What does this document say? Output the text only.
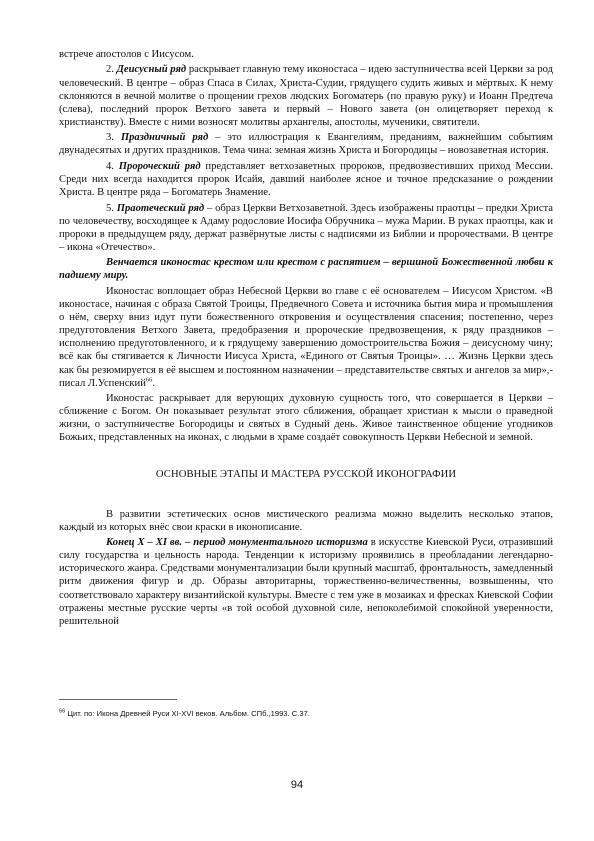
встрече апостолов с Иисусом.

2. Деисусный ряд раскрывает главную тему иконостаса – идею заступничества всей Церкви за род человеческий. В центре – образ Спаса в Силах, Христа-Судии, грядущего судить живых и мёртвых. К нему склоняются в вечной молитве о прощении грехов людских Богоматерь (по правую руку) и Иоанн Предтеча (слева), последний пророк Ветхого завета и первый – Нового завета (он олицетворяет переход к христианству). Вместе с ними возносят молитвы архангелы, апостолы, мученики, святители.

3. Праздничный ряд – это иллюстрация к Евангелиям, преданиям, важнейшим событиям двунадесятых и других праздников. Тема чина: земная жизнь Христа и Богородицы – новозаветная история.

4. Пророческий ряд представляет ветхозаветных пророков, предвозвестивших приход Мессии. Среди них всегда находится пророк Исайя, давший наиболее ясное и точное предсказание о рождении Христа. В центре ряда – Богоматерь Знамение.

5. Праотеческий ряд – образ Церкви Ветхозаветной. Здесь изображены праотцы – предки Христа по человечеству, восходящее к Адаму родословие Иосифа Обручника – мужа Марии. В руках праотцы, как и пророки в предыдущем ряду, держат развёрнутые листы с надписями из Библии и пророчествами. В центре – икона «Отечество».

Венчается иконостас крестом или крестом с распятием – вершиной Божественной любви к падшему миру.

Иконостас воплощает образ Небесной Церкви во главе с её основателем – Иисусом Христом. «В иконостасе, начиная с образа Святой Троицы, Предвечного Совета и источника бытия мира и промышления о нём, сверху вниз идут пути божественного откровения и осуществления спасения; постепенно, через предуготовления Ветхого Завета, предобразения и пророческие предвозвещения, к ряду праздников – исполнению предуготовленного, и к грядущему завершению домостроительства Божия – деисусному чину; всё как бы стягивается к Личности Иисуса Христа, «Единого от Святыя Троицы». … Жизнь Церкви здесь как бы резюмируется в её высшем и постоянном назначении – представительстве святых и ангелов за мир»,- писал Л.Успенский$^{66}$.

Иконостас раскрывает для верующих духовную сущность того, что совершается в Церкви – сближение с Богом. Он показывает результат этого сближения, обращает христиан к мысли о праведной жизни, о заступничестве Богородицы и святых в Судный день. Живое таинственное общение угодников Божьих, представленных на иконах, с людьми в храме создаёт совокупность Церкви Небесной и земной.

ОСНОВНЫЕ ЭТАПЫ И МАСТЕРА РУССКОЙ ИКОНОГРАФИИ

В развитии эстетических основ мистического реализма можно выделить несколько этапов, каждый из которых внёс свои краски в иконописание.

Конец Х – XI вв. – период монументального историзма в искусстве Киевской Руси, отразивший силу государства и цельность народа. Тенденции к историзму проявились в преобладании легендарно-исторического жанра. Средствами монументализации были крупный масштаб, фронтальность, замедленный ритм движения фигур и др. Образы авторитарны, торжественно-величественны, возвышенны, что соответствовало характеру византийской культуры. Вместе с тем уже в мозаиках и фресках Киевской Софии отражены местные русские черты «в той особой духовной силе, непоколебимой спокойной уверенности, решительной

$^{66}$ Цит. по: Икона Древней Руси XI-XVI веков. Альбом. СПб.,1993. С.37.
94
